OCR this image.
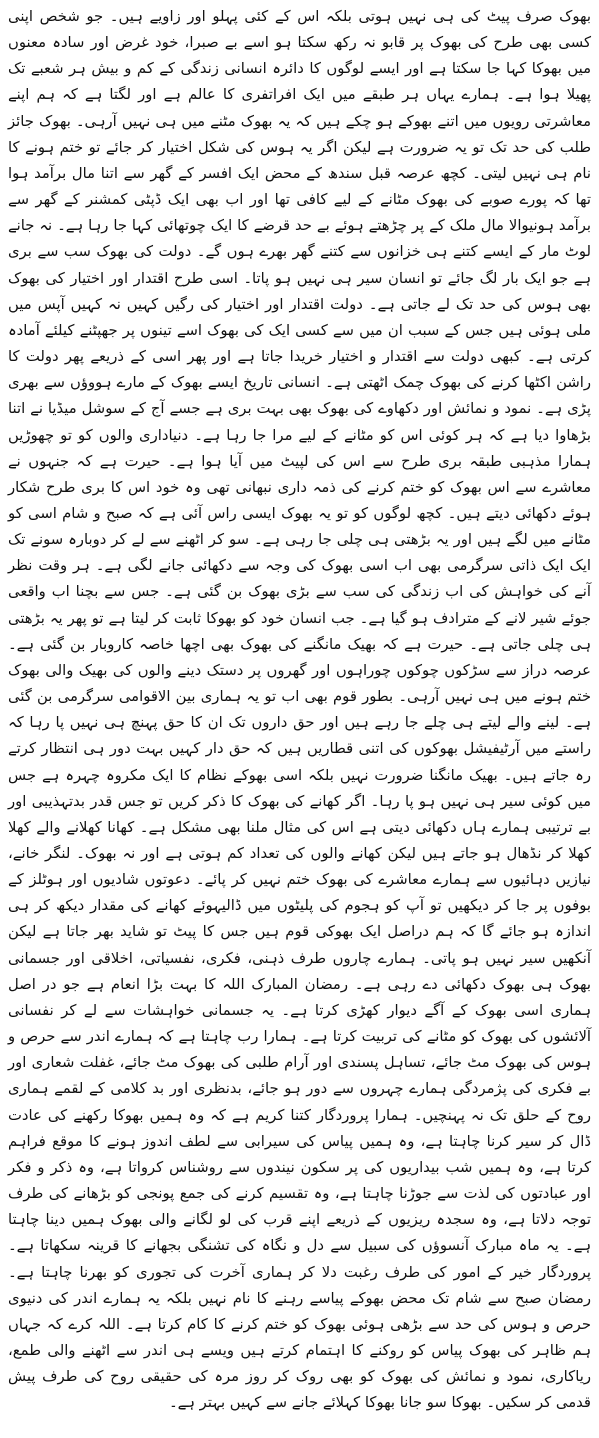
بھوک صرف پیٹ کی ہی نہیں ہوتی بلکہ اس کے کئی پہلو اور زاویے ہیں۔ جو شخص اپنی کسی بھی طرح کی بھوک پر قابو نہ رکھ سکتا ہو اسے بے صبرا، خود غرض اور سادہ معنوں میں بھوکا کہا جا سکتا ہے اور ایسے لوگوں کا دائرہ انسانی زندگی کے کم و بیش ہر شعبے تک پھیلا ہوا ہے۔ ہمارے یہاں ہر طبقے میں ایک افراتفری کا عالم ہے اور لگتا ہے کہ ہم اپنے معاشرتی رویوں میں اتنے بھوکے ہو چکے ہیں کہ یہ بھوک مٹنے میں ہی نہیں آرہی۔ بھوک جائز طلب کی حد تک تو یہ ضرورت ہے لیکن اگر یہ ہوس کی شکل اختیار کر جائے تو ختم ہونے کا نام ہی نہیں لیتی۔ کچھ عرصہ قبل سندھ کے محض ایک افسر کے گھر سے اتنا مال برآمد ہوا تھا کہ پورے صوبے کی بھوک مٹانے کے لیے کافی تھا اور اب بھی ایک ڈپٹی کمشنر کے گھر سے برآمد ہونیوالا مال ملک کے پر چڑھتے ہوئے بے حد قرضے کا ایک چوتھائی کہا جا رہا ہے۔ نہ جانے لوٹ مار کے ایسے کتنے ہی خزانوں سے کتنے گھر بھرے ہوں گے۔ دولت کی بھوک سب سے بری ہے جو ایک بار لگ جائے تو انسان سیر ہی نہیں ہو پاتا۔ اسی طرح اقتدار اور اختیار کی بھوک بھی ہوس کی حد تک لے جاتی ہے۔ دولت اقتدار اور اختیار کی رگیں کہیں نہ کہیں آپس میں ملی ہوئی ہیں جس کے سبب ان میں سے کسی ایک کی بھوک اسے تینوں پر جھپٹنے کیلئے آمادہ کرتی ہے۔ کبھی دولت سے اقتدار و اختیار خریدا جاتا ہے اور پھر اسی کے ذریعے پھر دولت کا راشن اکٹھا کرنے کی بھوک چمک اٹھتی ہے۔ انسانی تاریخ ایسے بھوک کے مارے ہووؤں سے بھری پڑی ہے۔ نمود و نمائش اور دکھاوے کی بھوک بھی بہت بری ہے جسے آج کے سوشل میڈیا نے اتنا بڑھاوا دیا ہے کہ ہر کوئی اس کو مٹانے کے لیے مرا جا رہا ہے۔ دنیاداری والوں کو تو چھوڑیں ہمارا مذہبی طبقہ بری طرح سے اس کی لپیٹ میں آیا ہوا ہے۔ حیرت ہے کہ جنہوں نے معاشرے سے اس بھوک کو ختم کرنے کی ذمہ داری نبھانی تھی وہ خود اس کا بری طرح شکار ہوئے دکھائی دیتے ہیں۔ کچھ لوگوں کو تو یہ بھوک ایسی راس آئی ہے کہ صبح و شام اسی کو مٹانے میں لگے ہیں اور یہ بڑھتی ہی چلی جا رہی ہے۔ سو کر اٹھنے سے لے کر دوبارہ سونے تک ایک ایک ذاتی سرگرمی بھی اب اسی بھوک کی وجہ سے دکھائی جانے لگی ہے۔ ہر وقت نظر آنے کی خواہش کی اب زندگی کی سب سے بڑی بھوک بن گئی ہے۔ جس سے بچنا اب واقعی جوئے شیر لانے کے مترادف ہو گیا ہے۔ جب انسان خود کو بھوکا ثابت کر لیتا ہے تو پھر یہ بڑھتی ہی چلی جاتی ہے۔ حیرت ہے کہ بھیک مانگنے کی بھوک بھی اچھا خاصہ کاروبار بن گئی ہے۔ عرصہ دراز سے سڑکوں چوکوں چوراہوں اور گھروں پر دستک دینے والوں کی بھیک والی بھوک ختم ہونے میں ہی نہیں آرہی۔ بطور قوم بھی اب تو یہ ہماری بین الاقوامی سرگرمی بن گئی ہے۔ لینے والے لیتے ہی چلے جا رہے ہیں اور حق داروں تک ان کا حق پہنچ ہی نہیں پا رہا کہ راستے میں آرٹیفیشل بھوکوں کی اتنی قطاریں ہیں کہ حق دار کہیں بہت دور ہی انتظار کرتے رہ جاتے ہیں۔ بھیک مانگنا ضرورت نہیں بلکہ اسی بھوکے نظام کا ایک مکروہ چہرہ ہے جس میں کوئی سیر ہی نہیں ہو پا رہا۔ اگر کھانے کی بھوک کا ذکر کریں تو جس قدر بدتہذیبی اور بے ترتیبی ہمارے ہاں دکھائی دیتی ہے اس کی مثال ملنا بھی مشکل ہے۔ کھانا کھلانے والے کھلا کھلا کر نڈھال ہو جاتے ہیں لیکن کھانے والوں کی تعداد کم ہوتی ہے اور نہ بھوک۔ لنگر خانے، نیازیں دہائیوں سے ہمارے معاشرے کی بھوک ختم نہیں کر پائے۔ دعوتوں شادیوں اور ہوٹلز کے بوفوں پر جا کر دیکھیں تو آپ کو ہجوم کی پلیٹوں میں ڈالیہوئے کھانے کی مقدار دیکھ کر ہی اندازہ ہو جائے گا کہ ہم دراصل ایک بھوکی قوم ہیں جس کا پیٹ تو شاید بھر جاتا ہے لیکن آنکھیں سیر نہیں ہو پاتی۔ ہمارے چاروں طرف ذہنی، فکری، نفسیاتی، اخلاقی اور جسمانی بھوک ہی بھوک دکھائی دے رہی ہے۔ رمضان المبارک اللہ کا بہت بڑا انعام ہے جو در اصل ہماری اسی بھوک کے آگے دیوار کھڑی کرتا ہے۔ یہ جسمانی خواہشات سے لے کر نفسانی آلائشوں کی بھوک کو مٹانے کی تربیت کرتا ہے۔ ہمارا رب چاہتا ہے کہ ہمارے اندر سے حرص و ہوس کی بھوک مٹ جائے، تساہل پسندی اور آرام طلبی کی بھوک مٹ جائے، غفلت شعاری اور بے فکری کی پژمردگی ہمارے چہروں سے دور ہو جائے، بدنظری اور بد کلامی کے لقمے ہماری روح کے حلق تک نہ پہنچیں۔ ہمارا پروردگار کتنا کریم ہے کہ وہ ہمیں بھوکا رکھنے کی عادت ڈال کر سیر کرنا چاہتا ہے، وہ ہمیں پیاس کی سیرابی سے لطف اندوز ہونے کا موقع فراہم کرتا ہے، وہ ہمیں شب بیداریوں کی پر سکون نیندوں سے روشناس کرواتا ہے، وہ ذکر و فکر اور عبادتوں کی لذت سے جوڑنا چاہتا ہے، وہ تقسیم کرنے کی جمع پونجی کو بڑھانے کی طرف توجہ دلاتا ہے، وہ سجدہ ریزیوں کے ذریعے اپنے قرب کی لو لگانے والی بھوک ہمیں دینا چاہتا ہے۔ یہ ماہ مبارک آنسوؤں کی سبیل سے دل و نگاہ کی تشنگی بجھانے کا قرینہ سکھاتا ہے۔ پروردگار خیر کے امور کی طرف رغبت دلا کر ہماری آخرت کی تجوری کو بھرنا چاہتا ہے۔ رمضان صبح سے شام تک محض بھوکے پیاسے رہنے کا نام نہیں بلکہ یہ ہمارے اندر کی دنیوی حرص و ہوس کی حد سے بڑھی ہوئی بھوک کو ختم کرنے کا کام کرتا ہے۔ اللہ کرے کہ جہاں ہم ظاہر کی بھوک پیاس کو روکنے کا اہتمام کرتے ہیں ویسے ہی اندر سے اٹھنے والی طمع، ریاکاری، نمود و نمائش کی بھوک کو بھی روک کر روز مرہ کی حقیقی روح کی طرف پیش قدمی کر سکیں۔ بھوکا سو جانا بھوکا کہلائے جانے سے کہیں بہتر ہے۔
